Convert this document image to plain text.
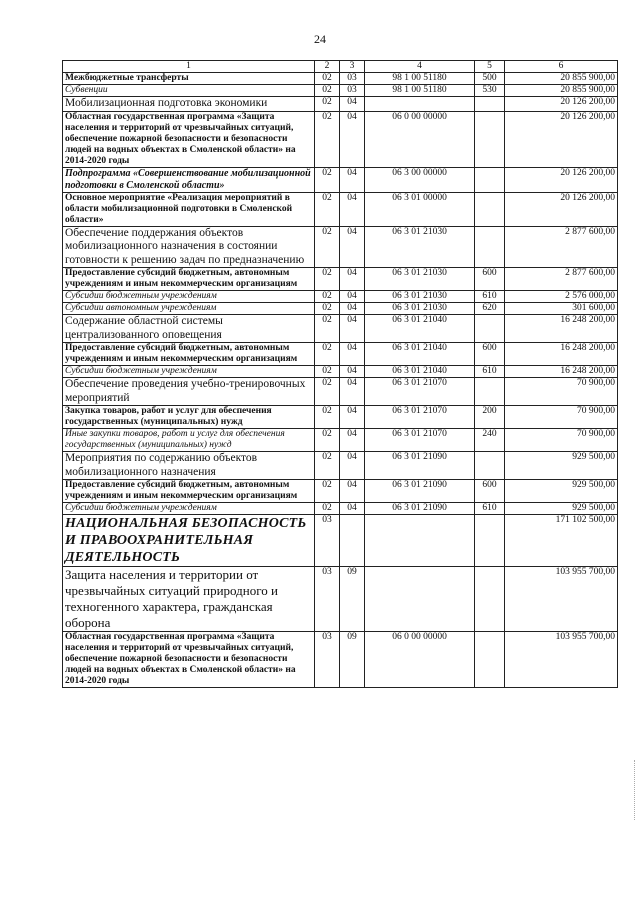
24
1	2	3	4	5	6
Межбюджетные трансферты	02	03	98 1 00 51180	500	20 855 900,00
Субвенции	02	03	98 1 00 51180	530	20 855 900,00
Мобилизационная подготовка экономики	02	04			20 126 200,00
Областная государственная программа «Защита населения и территорий от чрезвычайных ситуаций, обеспечение пожарной безопасности и безопасности людей на водных объектах в Смоленской области» на 2014-2020 годы	02	04	06 0 00 00000		20 126 200,00
Подпрограмма «Совершенствование мобилизационной подготовки в Смоленской области»	02	04	06 3 00 00000		20 126 200,00
Основное мероприятие «Реализация мероприятий в области мобилизационной подготовки в Смоленской области»	02	04	06 3 01 00000		20 126 200,00
Обеспечение поддержания объектов мобилизационного назначения в состоянии готовности к решению задач по предназначению	02	04	06 3 01 21030		2 877 600,00
Предоставление субсидий бюджетным, автономным учреждениям и иным некоммерческим организациям	02	04	06 3 01 21030	600	2 877 600,00
Субсидии бюджетным учреждениям	02	04	06 3 01 21030	610	2 576 000,00
Субсидии автономным учреждениям	02	04	06 3 01 21030	620	301 600,00
Содержание областной системы централизованного оповещения	02	04	06 3 01 21040		16 248 200,00
Предоставление субсидий бюджетным, автономным учреждениям и иным некоммерческим организациям	02	04	06 3 01 21040	600	16 248 200,00
Субсидии бюджетным учреждениям	02	04	06 3 01 21040	610	16 248 200,00
Обеспечение проведения учебно-тренировочных мероприятий	02	04	06 3 01 21070		70 900,00
Закупка товаров, работ и услуг для обеспечения государственных (муниципальных) нужд	02	04	06 3 01 21070	200	70 900,00
Иные закупки товаров, работ и услуг для обеспечения государственных (муниципальных) нужд	02	04	06 3 01 21070	240	70 900,00
Мероприятия по содержанию объектов мобилизационного назначения	02	04	06 3 01 21090		929 500,00
Предоставление субсидий бюджетным, автономным учреждениям и иным некоммерческим организациям	02	04	06 3 01 21090	600	929 500,00
Субсидии бюджетным учреждениям	02	04	06 3 01 21090	610	929 500,00
НАЦИОНАЛЬНАЯ БЕЗОПАСНОСТЬ И ПРАВООХРАНИТЕЛЬНАЯ ДЕЯТЕЛЬНОСТЬ	03				171 102 500,00
Защита населения и территории от чрезвычайных ситуаций природного и техногенного характера, гражданская оборона	03	09			103 955 700,00
Областная государственная программа «Защита населения и территорий от чрезвычайных ситуаций, обеспечение пожарной безопасности и безопасности людей на водных объектах в Смоленской области» на 2014-2020 годы	03	09	06 0 00 00000		103 955 700,00
